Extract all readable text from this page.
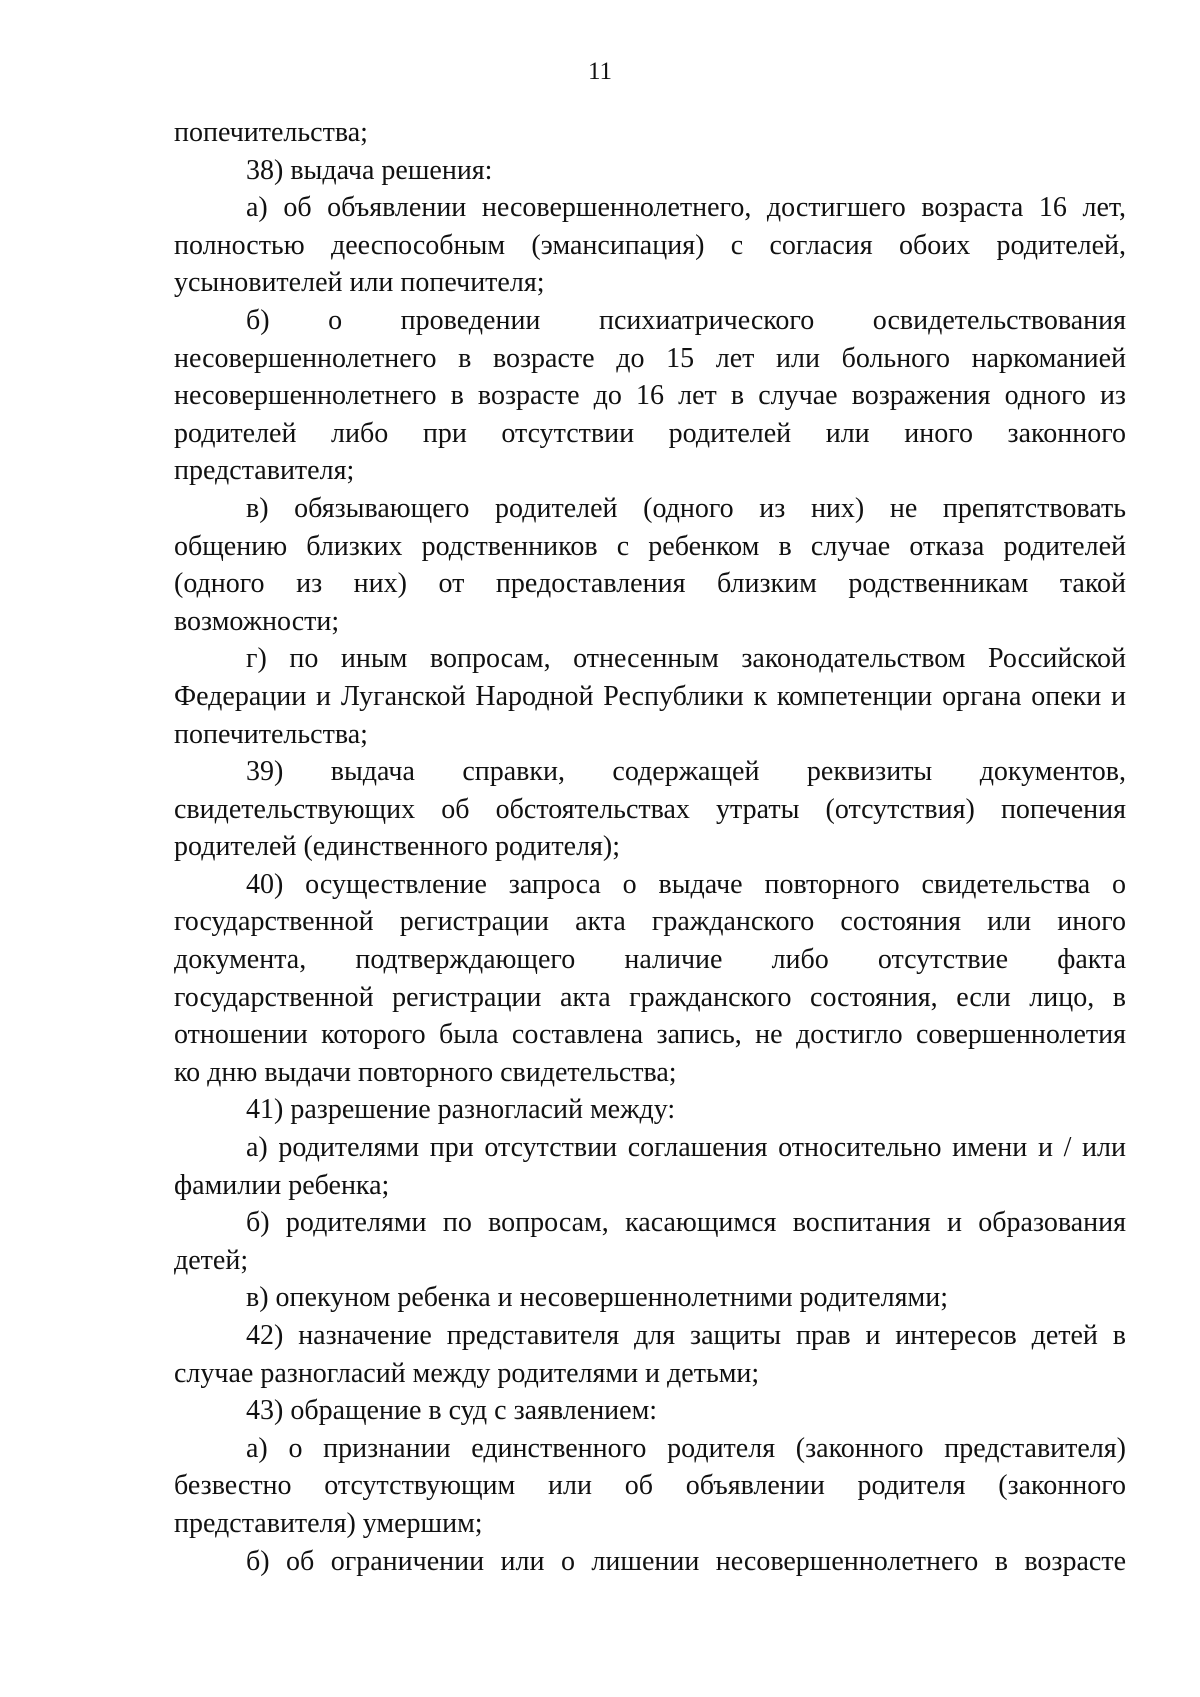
11
попечительства;
38) выдача решения:
а) об объявлении несовершеннолетнего, достигшего возраста 16 лет,
полностью дееспособным (эмансипация) с согласия обоих родителей,
усыновителей или попечителя;
б) о проведении психиатрического освидетельствования
несовершеннолетнего в возрасте до 15 лет или больного наркоманией
несовершеннолетнего в возрасте до 16 лет в случае возражения одного из
родителей либо при отсутствии родителей или иного законного
представителя;
в) обязывающего родителей (одного из них) не препятствовать
общению близких родственников с ребенком в случае отказа родителей
(одного из них) от предоставления близким родственникам такой
возможности;
г) по иным вопросам, отнесенным законодательством Российской
Федерации и Луганской Народной Республики к компетенции органа опеки и
попечительства;
39) выдача справки, содержащей реквизиты документов,
свидетельствующих об обстоятельствах утраты (отсутствия) попечения
родителей (единственного родителя);
40) осуществление запроса о выдаче повторного свидетельства о
государственной регистрации акта гражданского состояния или иного
документа, подтверждающего наличие либо отсутствие факта
государственной регистрации акта гражданского состояния, если лицо, в
отношении которого была составлена запись, не достигло совершеннолетия
ко дню выдачи повторного свидетельства;
41) разрешение разногласий между:
а) родителями при отсутствии соглашения относительно имени и / или
фамилии ребенка;
б) родителями по вопросам, касающимся воспитания и образования
детей;
в) опекуном ребенка и несовершеннолетними родителями;
42) назначение представителя для защиты прав и интересов детей в
случае разногласий между родителями и детьми;
43) обращение в суд с заявлением:
а) о признании единственного родителя (законного представителя)
безвестно отсутствующим или об объявлении родителя (законного
представителя) умершим;
б) об ограничении или о лишении несовершеннолетнего в возрасте
